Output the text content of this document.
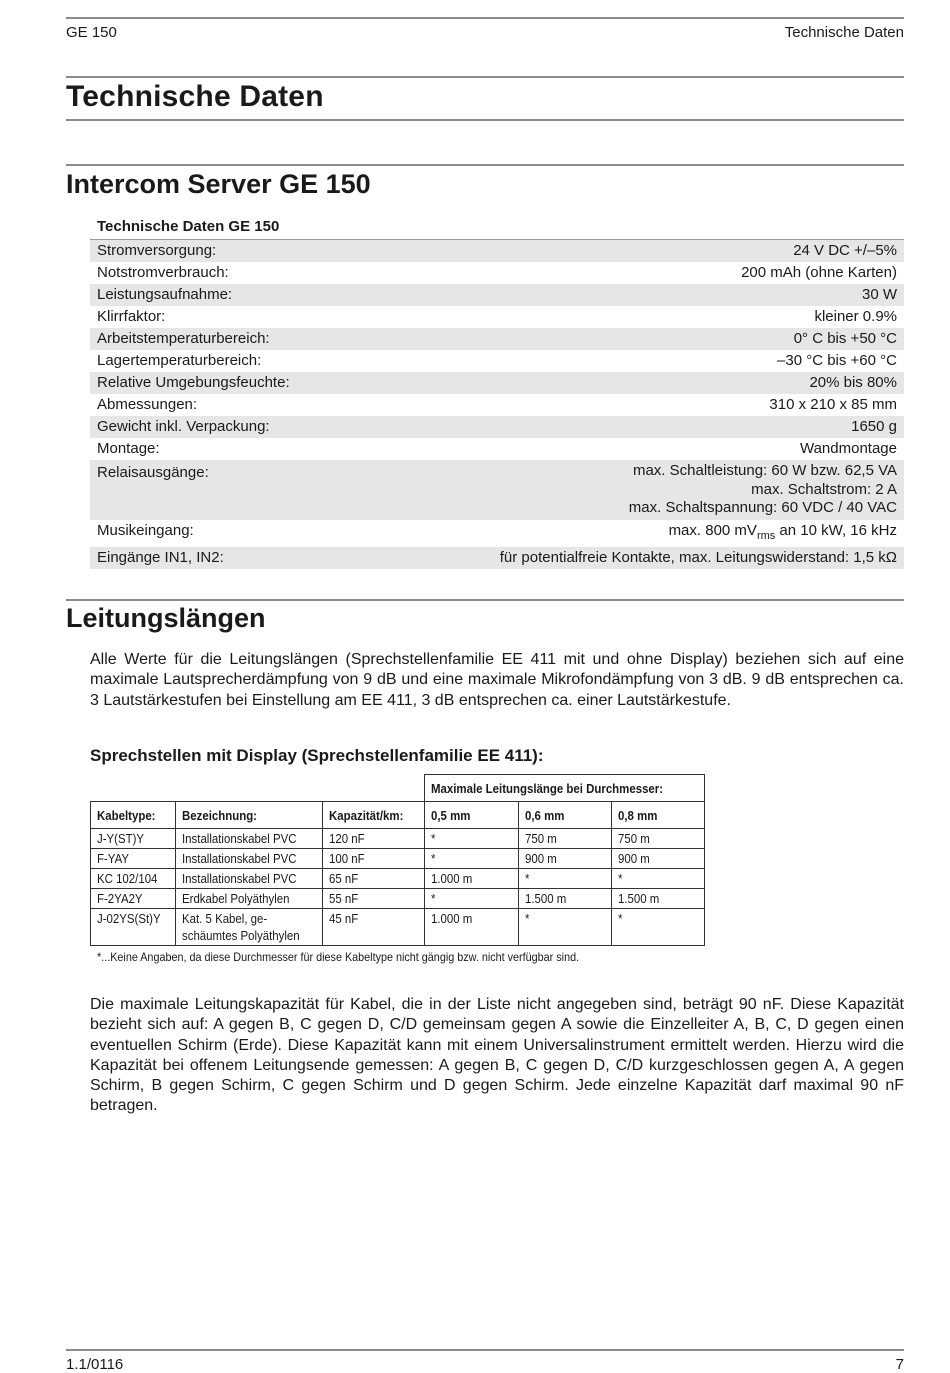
GE 150	Technische Daten
Technische Daten
Intercom Server GE 150
Technische Daten GE 150
Stromversorgung:	24 V DC +/–5%
Notstromverbrauch:	200 mAh (ohne Karten)
Leistungsaufnahme:	30 W
Klirrfaktor:	kleiner 0.9%
Arbeitstemperaturbereich:	0° C bis +50 °C
Lagertemperaturbereich:	–30 °C bis +60 °C
Relative Umgebungsfeuchte:	20% bis 80%
Abmessungen:	310 x 210 x 85 mm
Gewicht inkl. Verpackung:	1650 g
Montage:	Wandmontage
Relaisausgänge:	max. Schaltleistung: 60 W bzw. 62,5 VA
max. Schaltstrom: 2 A
max. Schaltspannung: 60 VDC / 40 VAC
Musikeingang:	max. 800 $mV_{rms}$ an 10 kW, 16 kHz
Eingänge IN1, IN2:	für potentialfreie Kontakte, max. Leitungswiderstand: 1,5 kΩ
Leitungslängen
Alle Werte für die Leitungslängen (Sprechstellenfamilie EE 411 mit und ohne Display) beziehen sich auf eine maximale Lautsprecherdämpfung von 9 dB und eine maximale Mikrofondämpfung von 3 dB. 9 dB entsprechen ca. 3 Lautstärkestufen bei Einstellung am EE 411, 3 dB entsprechen ca. einer Lautstärkestufe.
Sprechstellen mit Display (Sprechstellenfamilie EE 411):
			Maximale Leitungslänge bei Durchmesser:		
Kabeltype:	Bezeichnung:	Kapazität/km:	0,5 mm	0,6 mm	0,8 mm
J-Y(ST)Y	Installationskabel PVC	120 nF	*	750 m	750 m
F-YAY	Installationskabel PVC	100 nF	*	900 m	900 m
KC 102/104	Installationskabel PVC	65 nF	1.000 m	*	*
F-2YA2Y	Erdkabel Polyäthylen	55 nF	*	1.500 m	1.500 m
J-02YS(St)Y	Kat. 5 Kabel, ge-
schäumtes Polyäthylen	45 nF	1.000 m	*	*
*...Keine Angaben, da diese Durchmesser für diese Kabeltype nicht gängig bzw. nicht verfügbar sind.
Die maximale Leitungskapazität für Kabel, die in der Liste nicht angegeben sind, beträgt 90 nF. Diese Kapazität bezieht sich auf: A gegen B, C gegen D, C/D gemeinsam gegen A sowie die Einzelleiter A, B, C, D gegen einen eventuellen Schirm (Erde). Diese Kapazität kann mit einem Universalinstrument ermittelt werden. Hierzu wird die Kapazität bei offenem Leitungsende gemessen: A gegen B, C gegen D, C/D kurzgeschlossen gegen A, A gegen Schirm, B gegen Schirm, C gegen Schirm und D gegen Schirm. Jede einzelne Kapazität darf maximal 90 nF betragen.
1.1/0116	7
